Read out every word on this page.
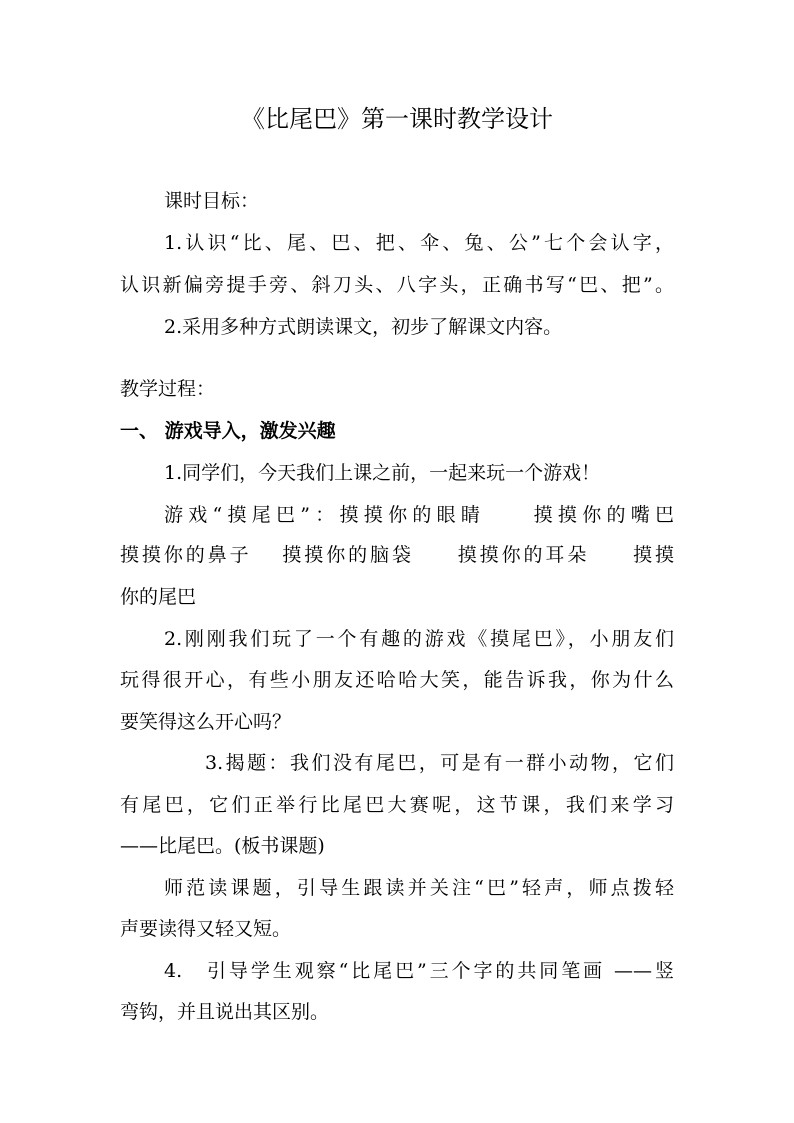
《比尾巴》第一课时教学设计
课时目标：
1.认识“比、尾、巴、把、伞、兔、公”七个会认字，
认识新偏旁提手旁、斜刀头、八字头，正确书写“巴、把”。
2.采用多种方式朗读课文，初步了解课文内容。
教学过程：
一、 游戏导入，激发兴趣
1.同学们，今天我们上课之前，一起来玩一个游戏！
游戏“摸尾巴”：摸摸你的眼睛　　摸摸你的嘴巴
摸摸你的鼻子　 摸摸你的脑袋　　摸摸你的耳朵　　摸摸
你的尾巴
2.刚刚我们玩了一个有趣的游戏《摸尾巴》，小朋友们
玩得很开心，有些小朋友还哈哈大笑，能告诉我，你为什么
要笑得这么开心吗？
3.揭题：我们没有尾巴，可是有一群小动物，它们
有尾巴，它们正举行比尾巴大赛呢，这节课，我们来学习
——比尾巴。(板书课题)
师范读课题，引导生跟读并关注“巴”轻声，师点拨轻
声要读得又轻又短。
4.　引导学生观察“比尾巴”三个字的共同笔画 ——竖
弯钩，并且说出其区别。
